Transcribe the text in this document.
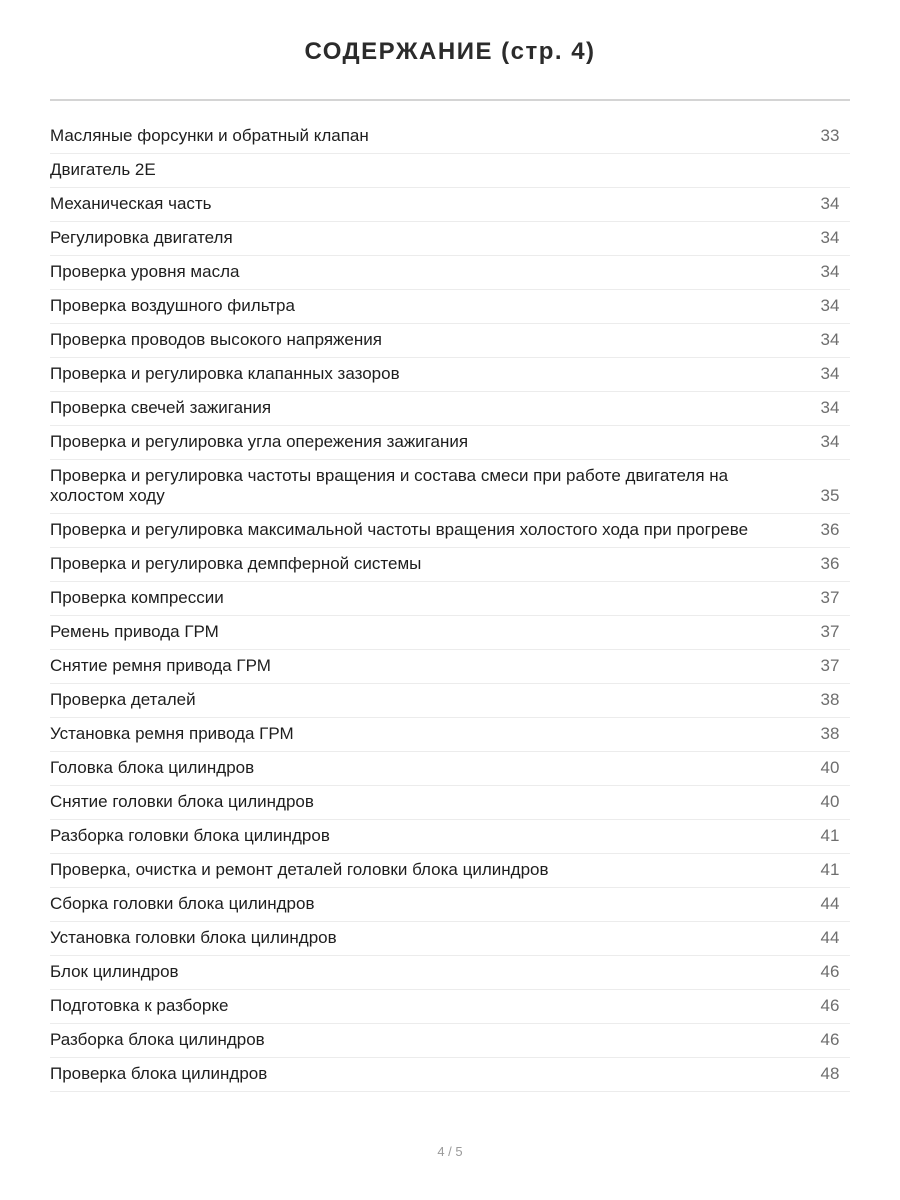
СОДЕРЖАНИЕ (стр. 4)
Масляные форсунки и обратный клапан	33
Двигатель 2E
Механическая часть	34
Регулировка двигателя	34
Проверка уровня масла	34
Проверка воздушного фильтра	34
Проверка проводов высокого напряжения	34
Проверка и регулировка клапанных зазоров	34
Проверка свечей зажигания	34
Проверка и регулировка угла опережения зажигания	34
Проверка и регулировка частоты вращения и состава смеси при работе двигателя на холостом ходу	35
Проверка и регулировка максимальной частоты вращения холостого хода при прогреве	36
Проверка и регулировка демпферной системы	36
Проверка компрессии	37
Ремень привода ГРМ	37
Снятие ремня привода ГРМ	37
Проверка деталей	38
Установка ремня привода ГРМ	38
Головка блока цилиндров	40
Снятие головки блока цилиндров	40
Разборка головки блока цилиндров	41
Проверка, очистка и ремонт деталей головки блока цилиндров	41
Сборка головки блока цилиндров	44
Установка головки блока цилиндров	44
Блок цилиндров	46
Подготовка к разборке	46
Разборка блока цилиндров	46
Проверка блока цилиндров	48
4 / 5
